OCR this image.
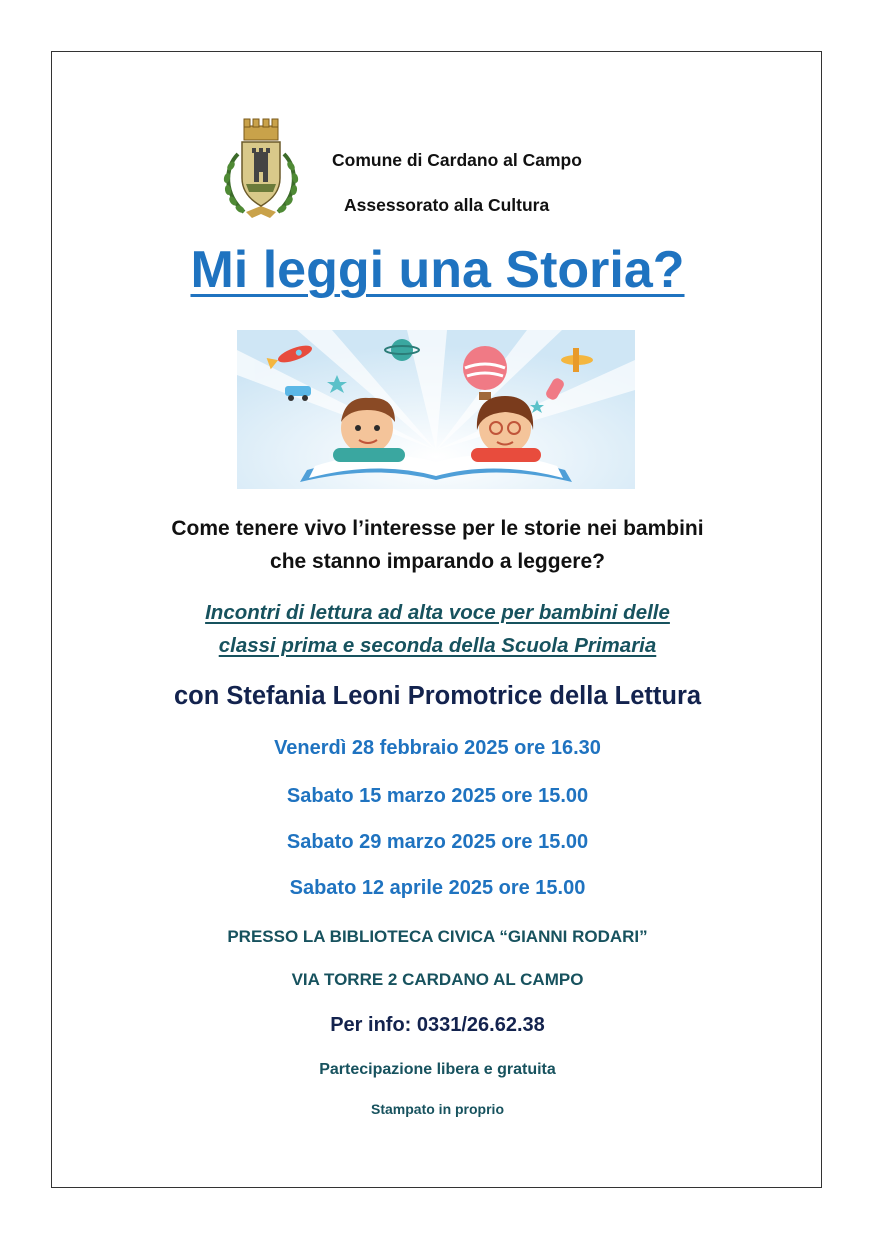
Comune di Cardano al Campo
Assessorato alla Cultura
Mi leggi una Storia?
Come tenere vivo l’interesse per le storie nei bambini
che stanno imparando a leggere?
Incontri di lettura ad alta voce per bambini delle
classi prima e seconda della Scuola Primaria
con Stefania Leoni Promotrice della Lettura
Venerdì 28 febbraio 2025 ore 16.30
Sabato 15 marzo 2025 ore 15.00
Sabato 29 marzo 2025 ore 15.00
Sabato 12 aprile 2025 ore 15.00
PRESSO LA BIBLIOTECA CIVICA “GIANNI RODARI”
VIA TORRE 2 CARDANO AL CAMPO
Per info: 0331/26.62.38
Partecipazione libera e gratuita
Stampato in proprio
